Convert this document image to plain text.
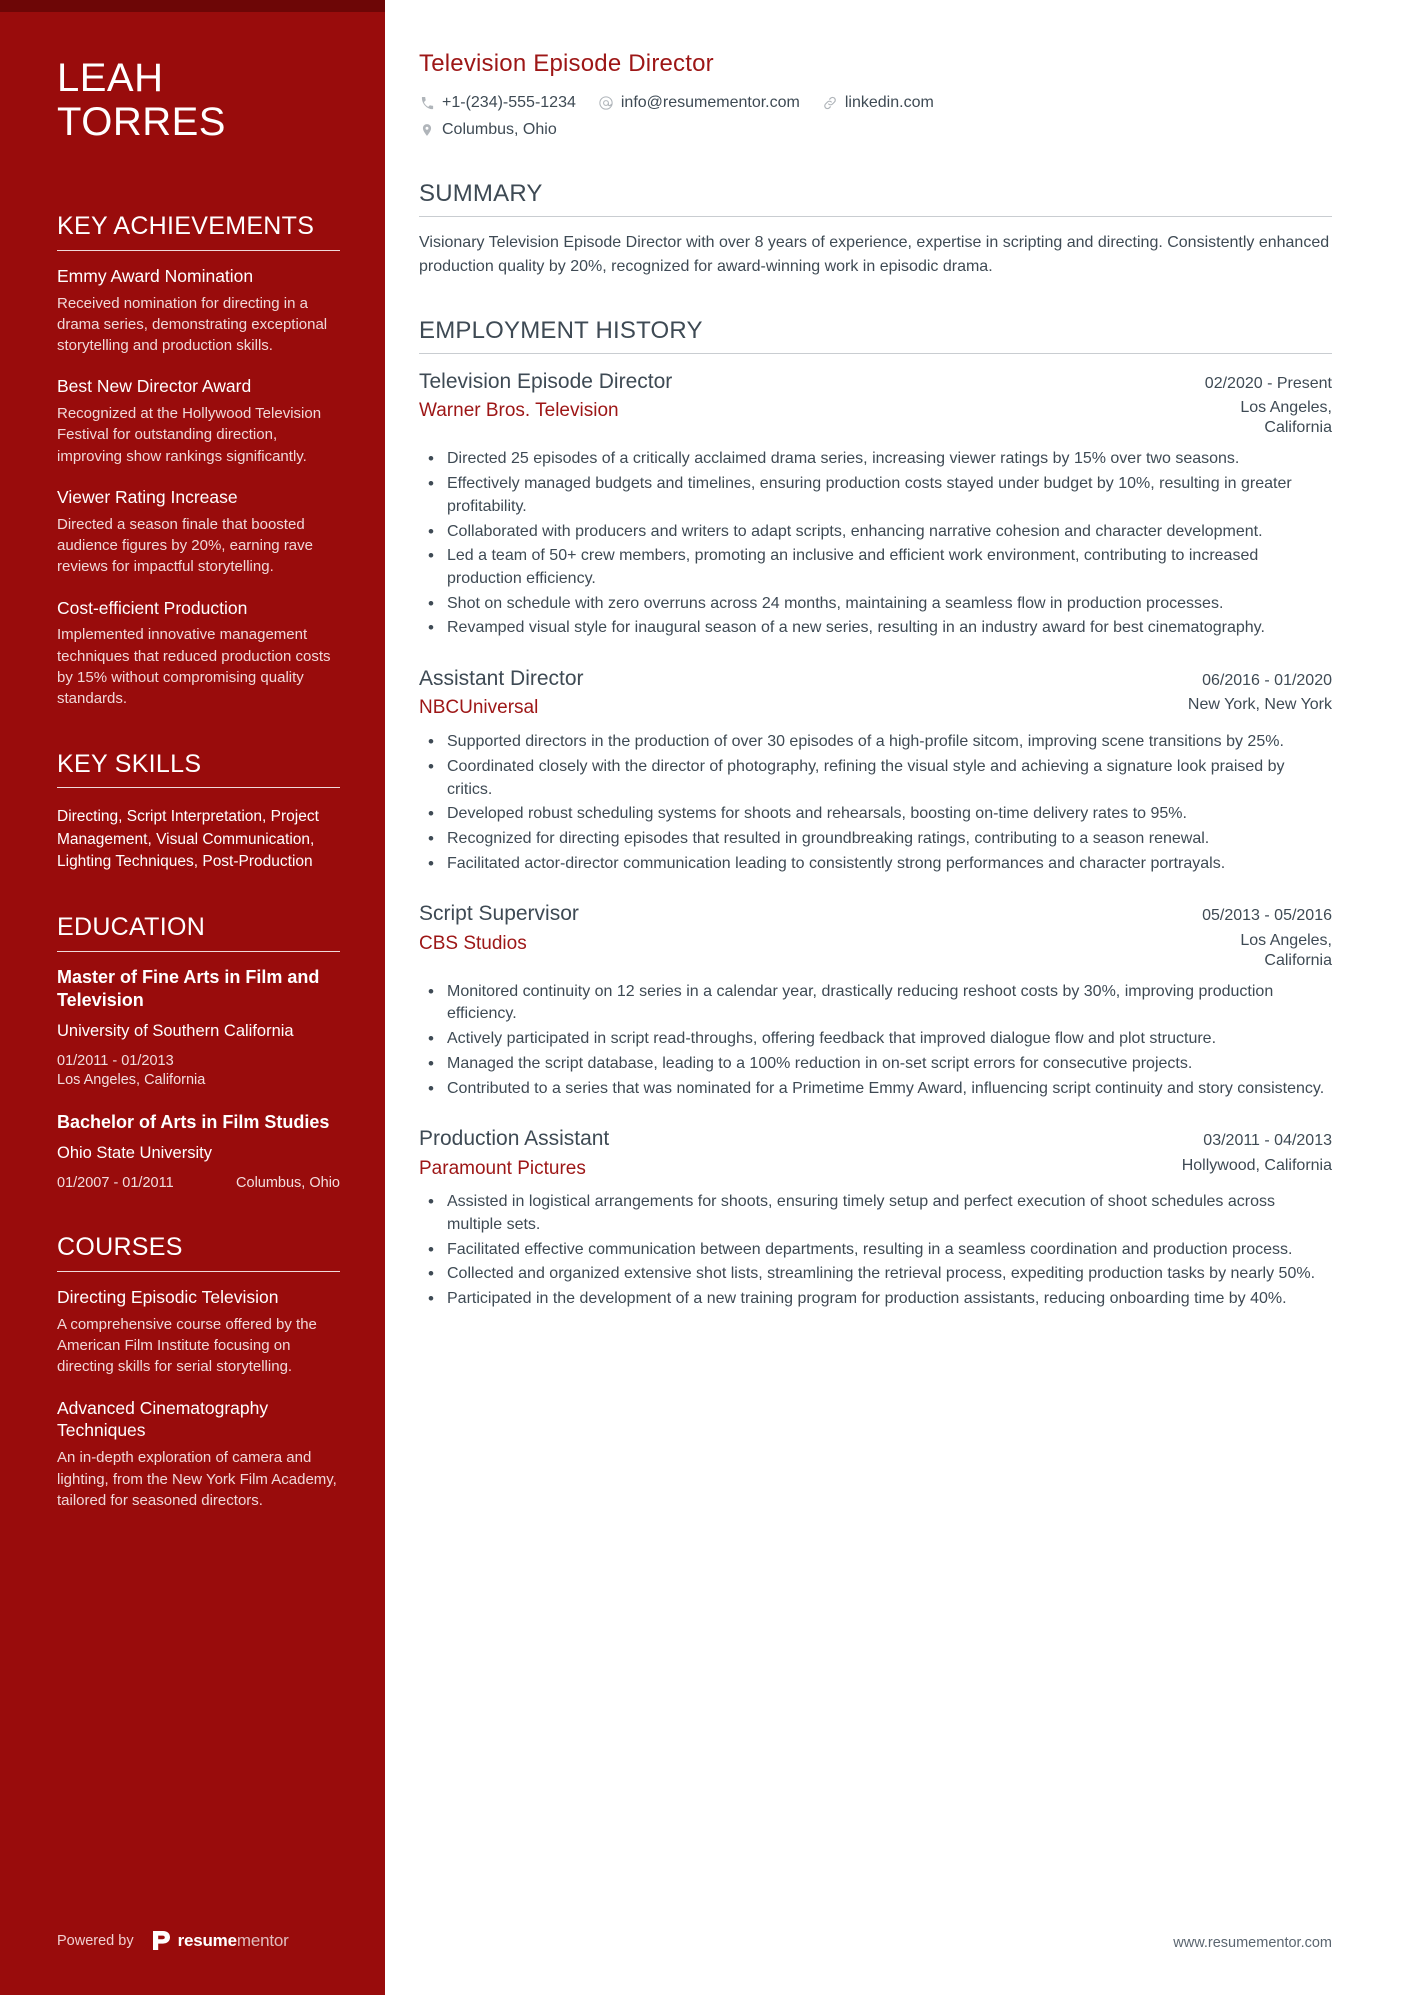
LEAH TORRES
KEY ACHIEVEMENTS
Emmy Award Nomination
Received nomination for directing in a drama series, demonstrating exceptional storytelling and production skills.
Best New Director Award
Recognized at the Hollywood Television Festival for outstanding direction, improving show rankings significantly.
Viewer Rating Increase
Directed a season finale that boosted audience figures by 20%, earning rave reviews for impactful storytelling.
Cost-efficient Production
Implemented innovative management techniques that reduced production costs by 15% without compromising quality standards.
KEY SKILLS
Directing, Script Interpretation, Project Management, Visual Communication, Lighting Techniques, Post-Production
EDUCATION
Master of Fine Arts in Film and Television
University of Southern California
01/2011 - 01/2013
Los Angeles, California
Bachelor of Arts in Film Studies
Ohio State University
01/2007 - 01/2011	Columbus, Ohio
COURSES
Directing Episodic Television
A comprehensive course offered by the American Film Institute focusing on directing skills for serial storytelling.
Advanced Cinematography Techniques
An in-depth exploration of camera and lighting, from the New York Film Academy, tailored for seasoned directors.
Powered by	resumementor
Television Episode Director
+1-(234)-555-1234	info@resumementor.com	linkedin.com
Columbus, Ohio
SUMMARY

Visionary Television Episode Director with over 8 years of experience, expertise in scripting and directing. Consistently enhanced production quality by 20%, recognized for award-winning work in episodic drama.

EMPLOYMENT HISTORY
Television Episode Director	02/2020 - Present
Warner Bros. Television	Los Angeles, California
• Directed 25 episodes of a critically acclaimed drama series, increasing viewer ratings by 15% over two seasons.
• Effectively managed budgets and timelines, ensuring production costs stayed under budget by 10%, resulting in greater profitability.
• Collaborated with producers and writers to adapt scripts, enhancing narrative cohesion and character development.
• Led a team of 50+ crew members, promoting an inclusive and efficient work environment, contributing to increased production efficiency.
• Shot on schedule with zero overruns across 24 months, maintaining a seamless flow in production processes.
• Revamped visual style for inaugural season of a new series, resulting in an industry award for best cinematography.
Assistant Director	06/2016 - 01/2020
NBCUniversal	New York, New York
• Supported directors in the production of over 30 episodes of a high-profile sitcom, improving scene transitions by 25%.
• Coordinated closely with the director of photography, refining the visual style and achieving a signature look praised by critics.
• Developed robust scheduling systems for shoots and rehearsals, boosting on-time delivery rates to 95%.
• Recognized for directing episodes that resulted in groundbreaking ratings, contributing to a season renewal.
• Facilitated actor-director communication leading to consistently strong performances and character portrayals.
Script Supervisor	05/2013 - 05/2016
CBS Studios	Los Angeles, California
• Monitored continuity on 12 series in a calendar year, drastically reducing reshoot costs by 30%, improving production efficiency.
• Actively participated in script read-throughs, offering feedback that improved dialogue flow and plot structure.
• Managed the script database, leading to a 100% reduction in on-set script errors for consecutive projects.
• Contributed to a series that was nominated for a Primetime Emmy Award, influencing script continuity and story consistency.
Production Assistant	03/2011 - 04/2013
Paramount Pictures	Hollywood, California
• Assisted in logistical arrangements for shoots, ensuring timely setup and perfect execution of shoot schedules across multiple sets.
• Facilitated effective communication between departments, resulting in a seamless coordination and production process.
• Collected and organized extensive shot lists, streamlining the retrieval process, expediting production tasks by nearly 50%.
• Participated in the development of a new training program for production assistants, reducing onboarding time by 40%.
www.resumementor.com
